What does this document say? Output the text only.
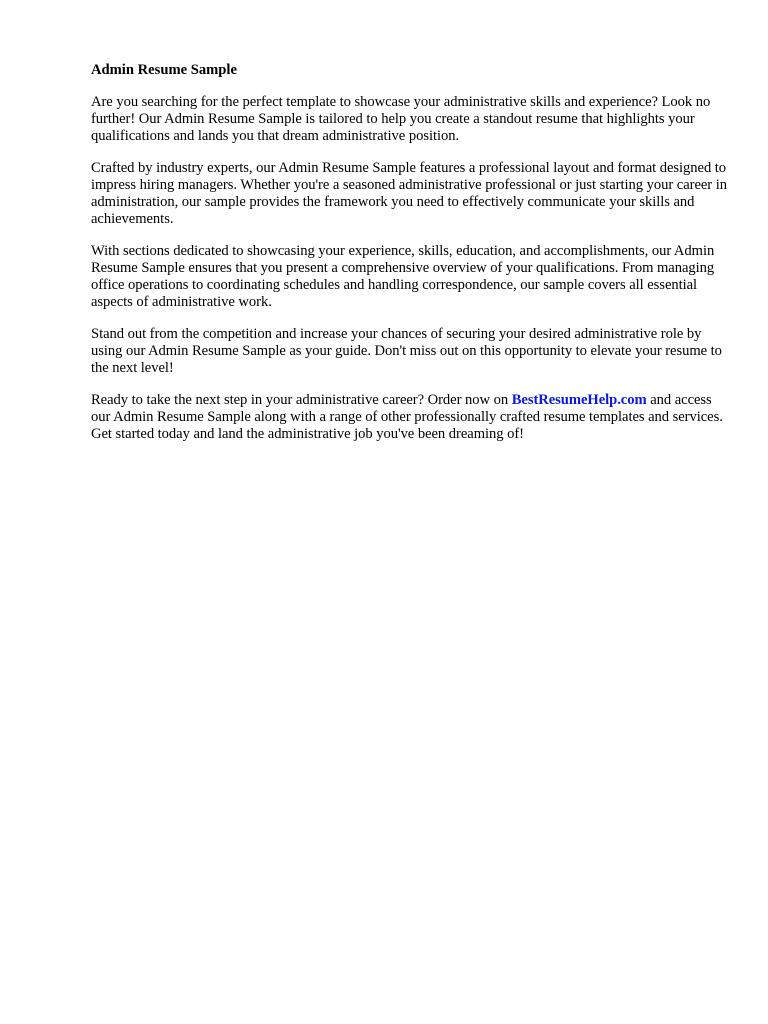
Admin Resume Sample

Are you searching for the perfect template to showcase your administrative skills and experience? Look no further! Our Admin Resume Sample is tailored to help you create a standout resume that highlights your qualifications and lands you that dream administrative position.

Crafted by industry experts, our Admin Resume Sample features a professional layout and format designed to impress hiring managers. Whether you're a seasoned administrative professional or just starting your career in administration, our sample provides the framework you need to effectively communicate your skills and achievements.

With sections dedicated to showcasing your experience, skills, education, and accomplishments, our Admin Resume Sample ensures that you present a comprehensive overview of your qualifications. From managing office operations to coordinating schedules and handling correspondence, our sample covers all essential aspects of administrative work.

Stand out from the competition and increase your chances of securing your desired administrative role by using our Admin Resume Sample as your guide. Don't miss out on this opportunity to elevate your resume to the next level!

Ready to take the next step in your administrative career? Order now on BestResumeHelp.com and access our Admin Resume Sample along with a range of other professionally crafted resume templates and services. Get started today and land the administrative job you've been dreaming of!
